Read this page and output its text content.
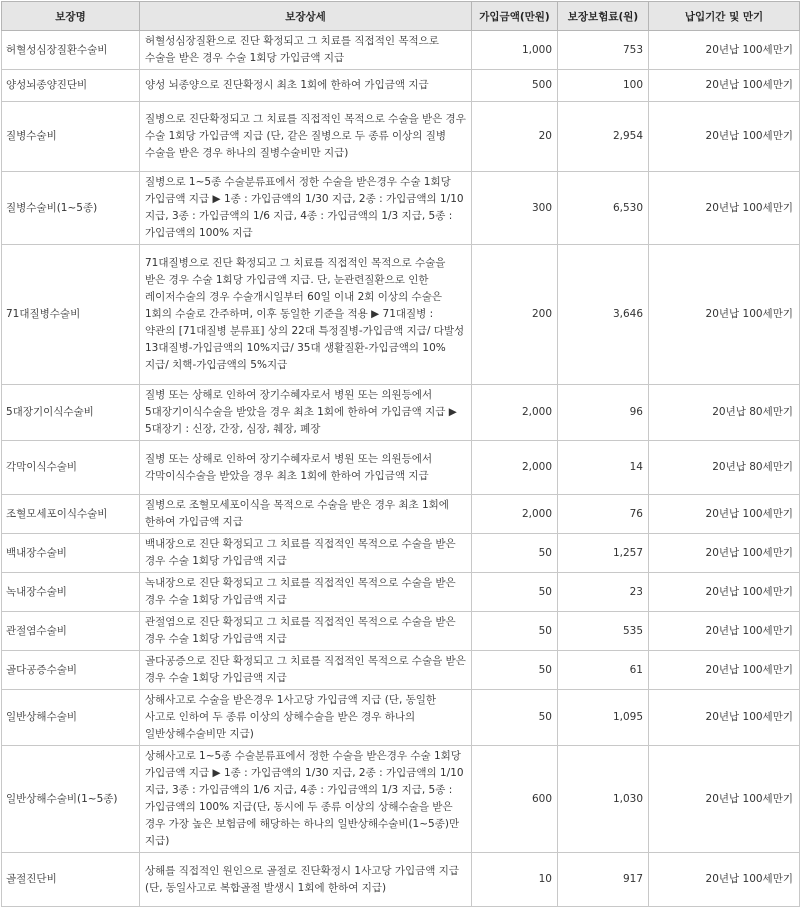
보장명	보장상세	가입금액(만원)	보장보험료(원)	납입기간 및 만기
허혈성심장질환수술비	허혈성심장질환으로 진단 확정되고 그 치료를 직접적인 목적으로 수술을 받은 경우 수술 1회당 가입금액 지급	1,000	753	20년납 100세만기
양성뇌종양진단비	양성 뇌종양으로 진단확정시 최초 1회에 한하여 가입금액 지급	500	100	20년납 100세만기
질병수술비	질병으로 진단확정되고 그 치료를 직접적인 목적으로 수술을 받은 경우 수술 1회당 가입금액 지급 (단, 같은 질병으로 두 종류 이상의 질병 수술을 받은 경우 하나의 질병수술비만 지급)	20	2,954	20년납 100세만기
질병수술비(1~5종)	질병으로 1~5종 수술분류표에서 정한 수술을 받은경우 수술 1회당 가입금액 지급 ▶ 1종 : 가입금액의 1/30 지급, 2종 : 가입금액의 1/10 지급, 3종 : 가입금액의 1/6 지급, 4종 : 가입금액의 1/3 지급, 5종 : 가입금액의 100% 지급	300	6,530	20년납 100세만기
71대질병수술비	71대질병으로 진단 확정되고 그 치료를 직접적인 목적으로 수술을 받은 경우 수술 1회당 가입금액 지급. 단, 눈관련질환으로 인한 레이저수술의 경우 수술개시일부터 60일 이내 2회 이상의 수술은 1회의 수술로 간주하며, 이후 동일한 기준을 적용 ▶ 71대질병 : 약관의 [71대질병 분류표] 상의 22대 특정질병-가입금액 지급/ 다발성 13대질병-가입금액의 10%지급/ 35대 생활질환-가입금액의 10%지급/ 치핵-가입금액의 5%지급	200	3,646	20년납 100세만기
5대장기이식수술비	질병 또는 상해로 인하여 장기수혜자로서 병원 또는 의원등에서 5대장기이식수술을 받았을 경우 최초 1회에 한하여 가입금액 지급 ▶ 5대장기 : 신장, 간장, 심장, 췌장, 폐장	2,000	96	20년납 80세만기
각막이식수술비	질병 또는 상해로 인하여 장기수혜자로서 병원 또는 의원등에서 각막이식수술을 받았을 경우 최초 1회에 한하여 가입금액 지급	2,000	14	20년납 80세만기
조혈모세포이식수술비	질병으로 조혈모세포이식을 목적으로 수술을 받은 경우 최초 1회에 한하여 가입금액 지급	2,000	76	20년납 100세만기
백내장수술비	백내장으로 진단 확정되고 그 치료를 직접적인 목적으로 수술을 받은 경우 수술 1회당 가입금액 지급	50	1,257	20년납 100세만기
녹내장수술비	녹내장으로 진단 확정되고 그 치료를 직접적인 목적으로 수술을 받은 경우 수술 1회당 가입금액 지급	50	23	20년납 100세만기
관절염수술비	관절염으로 진단 확정되고 그 치료를 직접적인 목적으로 수술을 받은 경우 수술 1회당 가입금액 지급	50	535	20년납 100세만기
골다공증수술비	골다공증으로 진단 확정되고 그 치료를 직접적인 목적으로 수술을 받은 경우 수술 1회당 가입금액 지급	50	61	20년납 100세만기
일반상해수술비	상해사고로 수술을 받은경우 1사고당 가입금액 지급 (단, 동일한 사고로 인하여 두 종류 이상의 상해수술을 받은 경우 하나의 일반상해수술비만 지급)	50	1,095	20년납 100세만기
일반상해수술비(1~5종)	상해사고로 1~5종 수술분류표에서 정한 수술을 받은경우 수술 1회당 가입금액 지급 ▶ 1종 : 가입금액의 1/30 지급, 2종 : 가입금액의 1/10 지급, 3종 : 가입금액의 1/6 지급, 4종 : 가입금액의 1/3 지급, 5종 : 가입금액의 100% 지급(단, 동시에 두 종류 이상의 상해수술을 받은 경우 가장 높은 보험금에 해당하는 하나의 일반상해수술비(1~5종)만 지급)	600	1,030	20년납 100세만기
골절진단비	상해를 직접적인 원인으로 골절로 진단확정시 1사고당 가입금액 지급 (단, 동일사고로 복합골절 발생시 1회에 한하여 지급)	10	917	20년납 100세만기
